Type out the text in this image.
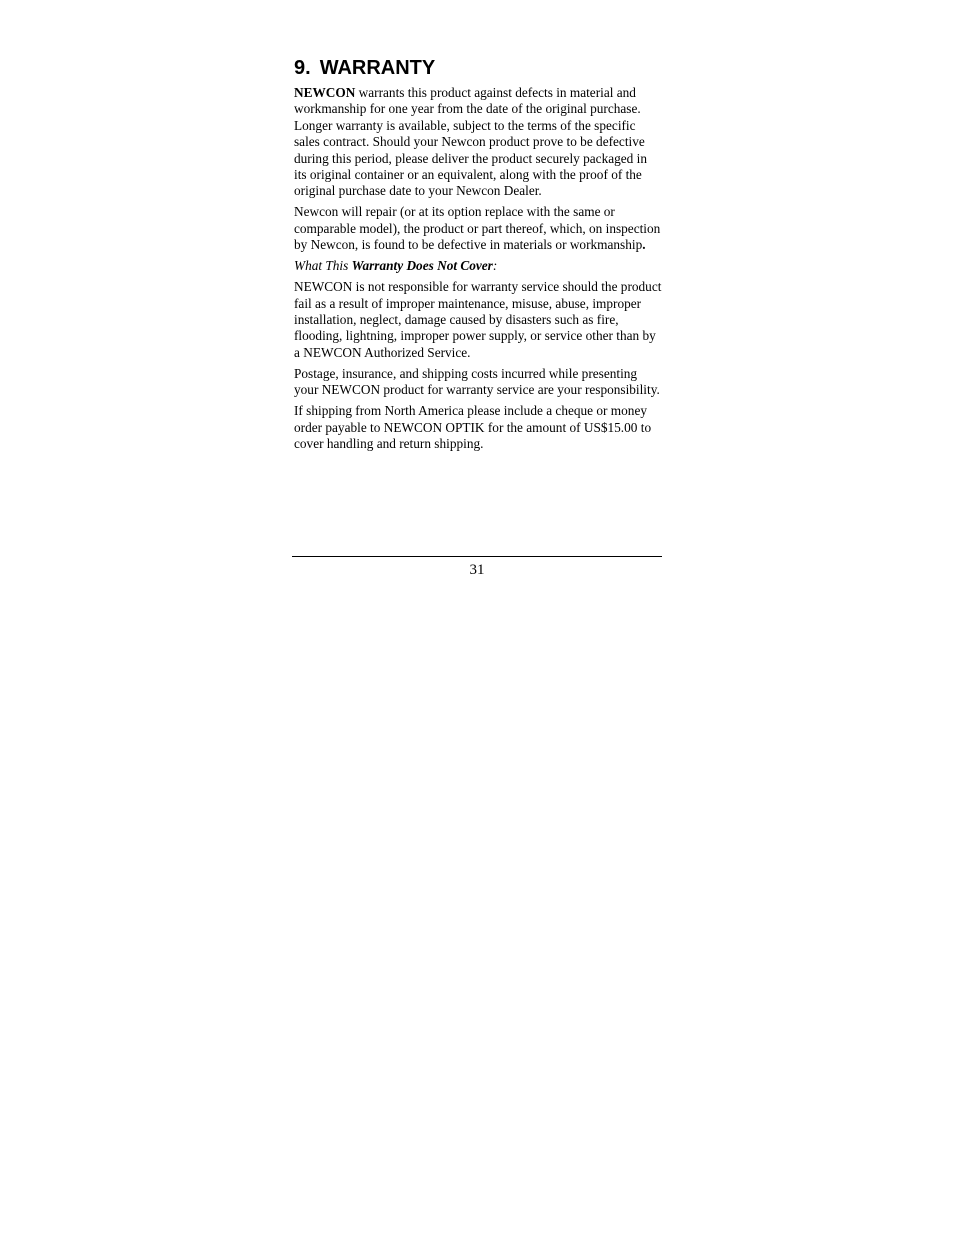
9. WARRANTY

NEWCON warrants this product against defects in material and workmanship for one year from the date of the original purchase. Longer warranty is available, subject to the terms of the specific sales contract. Should your Newcon product prove to be defective during this period, please deliver the product securely packaged in its original container or an equivalent, along with the proof of the original purchase date to your Newcon Dealer.

Newcon will repair (or at its option replace with the same or comparable model), the product or part thereof, which, on inspection by Newcon, is found to be defective in materials or workmanship.

What This Warranty Does Not Cover:

NEWCON is not responsible for warranty service should the product fail as a result of improper maintenance, misuse, abuse, improper installation, neglect, damage caused by disasters such as fire, flooding, lightning, improper power supply, or service other than by a NEWCON Authorized Service.

Postage, insurance, and shipping costs incurred while presenting your NEWCON product for warranty service are your responsibility.

If shipping from North America please include a cheque or money order payable to NEWCON OPTIK for the amount of US$15.00 to cover handling and return shipping.

31
